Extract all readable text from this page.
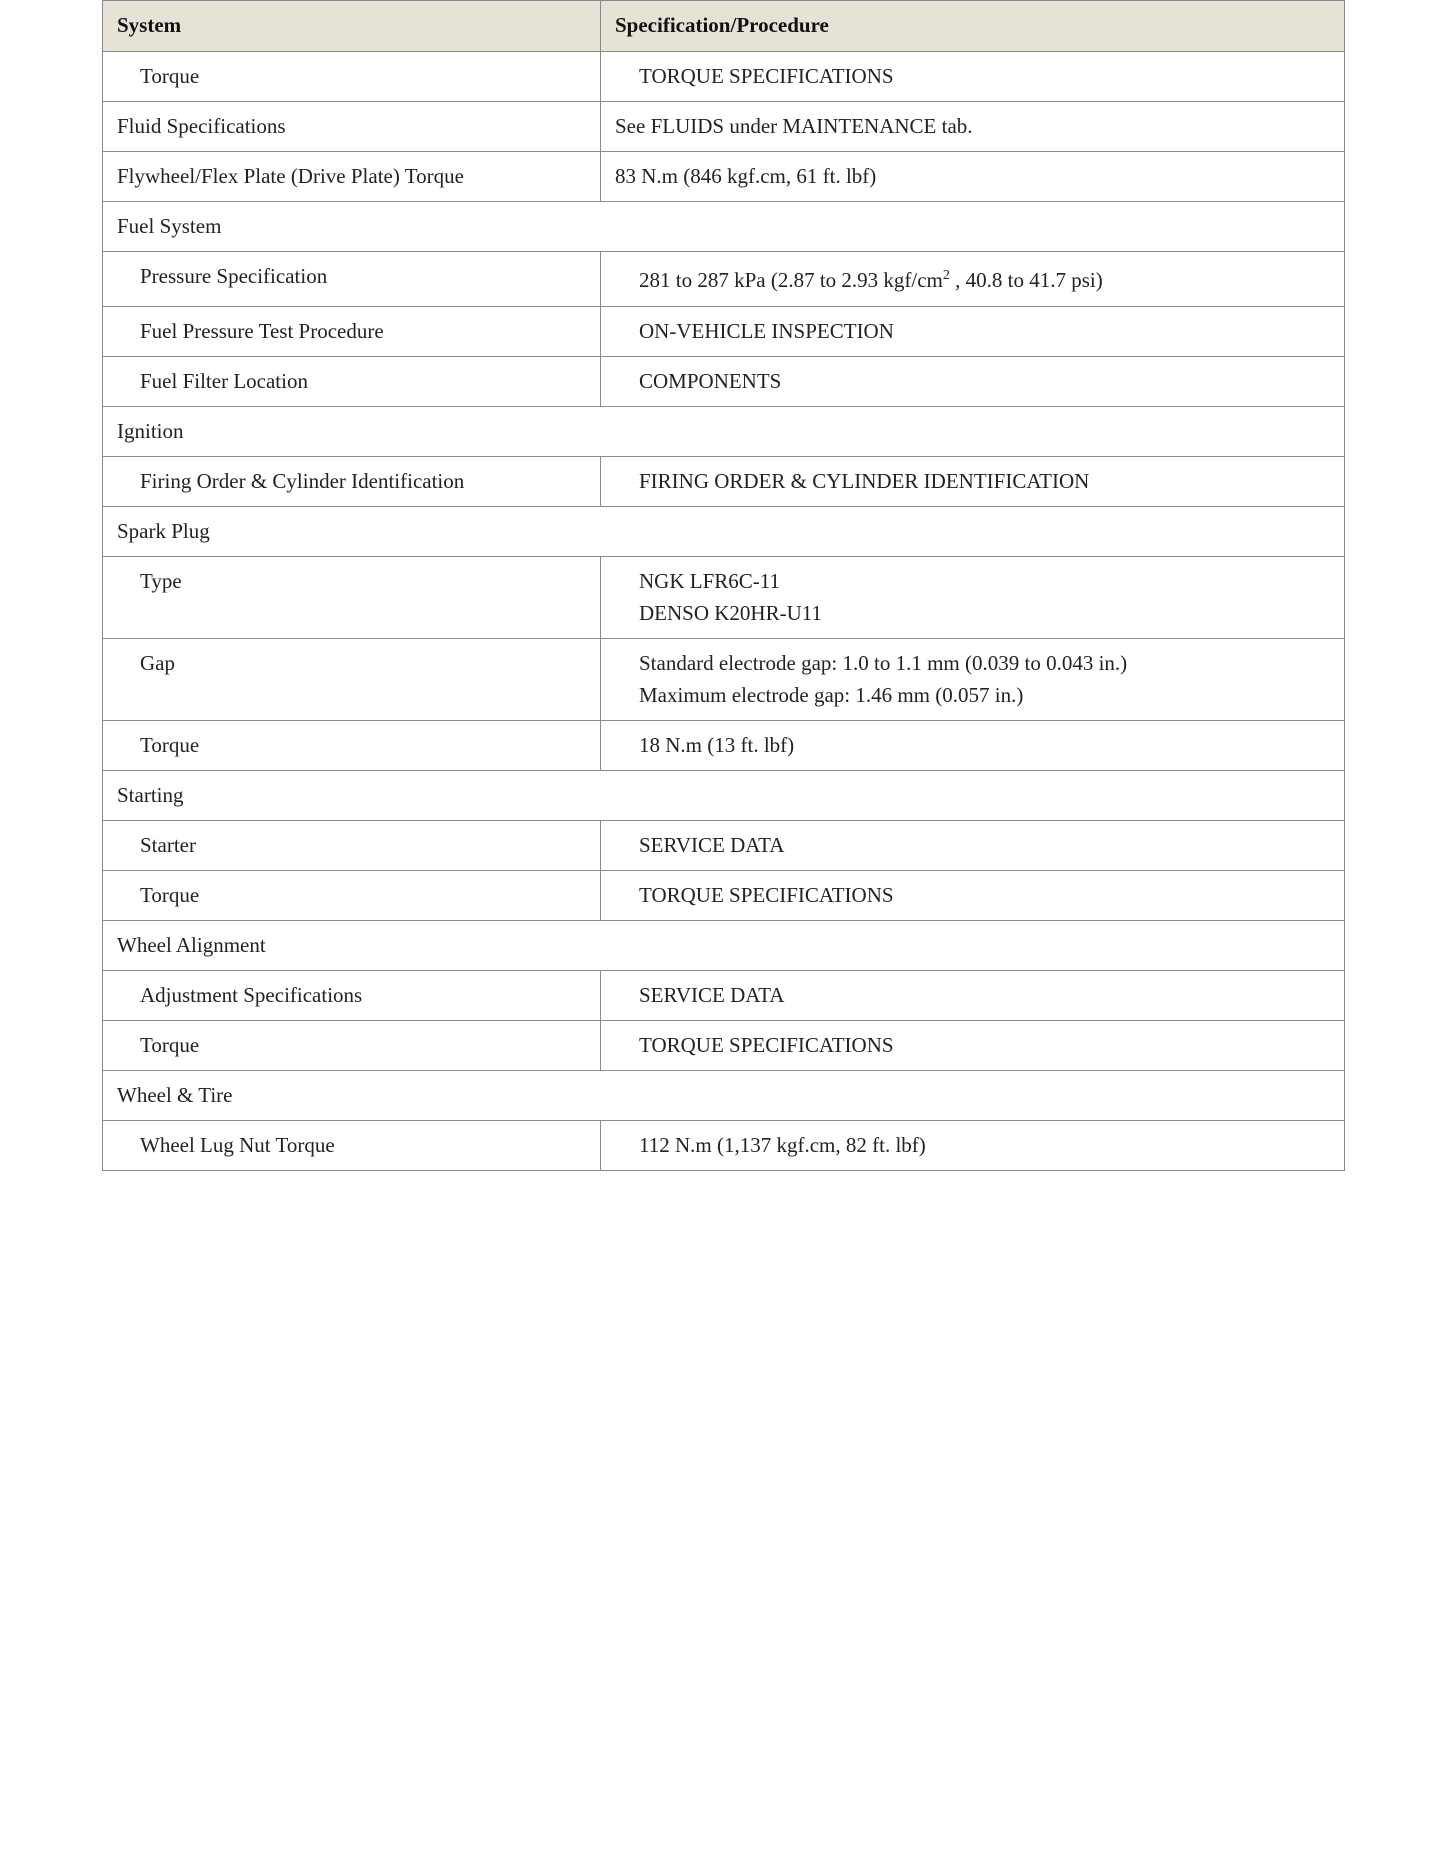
System	Specification/Procedure
Torque	TORQUE SPECIFICATIONS
Fluid Specifications	See FLUIDS under MAINTENANCE tab.
Flywheel/Flex Plate (Drive Plate) Torque	83 N.m (846 kgf.cm, 61 ft. lbf)
Fuel System	
Pressure Specification	281 to 287 kPa (2.87 to 2.93 kgf/$cm^2$ , 40.8 to 41.7 psi)
Fuel Pressure Test Procedure	ON-VEHICLE INSPECTION
Fuel Filter Location	COMPONENTS
Ignition	
Firing Order & Cylinder Identification	FIRING ORDER & CYLINDER IDENTIFICATION
Spark Plug	
Type	NGK LFR6C-11
DENSO K20HR-U11

Gap	Standard electrode gap: 1.0 to 1.1 mm (0.039 to 0.043 in.)
Maximum electrode gap: 1.46 mm (0.057 in.)

Torque	18 N.m (13 ft. lbf)
Starting	
Starter	SERVICE DATA
Torque	TORQUE SPECIFICATIONS
Wheel Alignment	
Adjustment Specifications	SERVICE DATA
Torque	TORQUE SPECIFICATIONS
Wheel & Tire	
Wheel Lug Nut Torque	112 N.m (1,137 kgf.cm, 82 ft. lbf)
